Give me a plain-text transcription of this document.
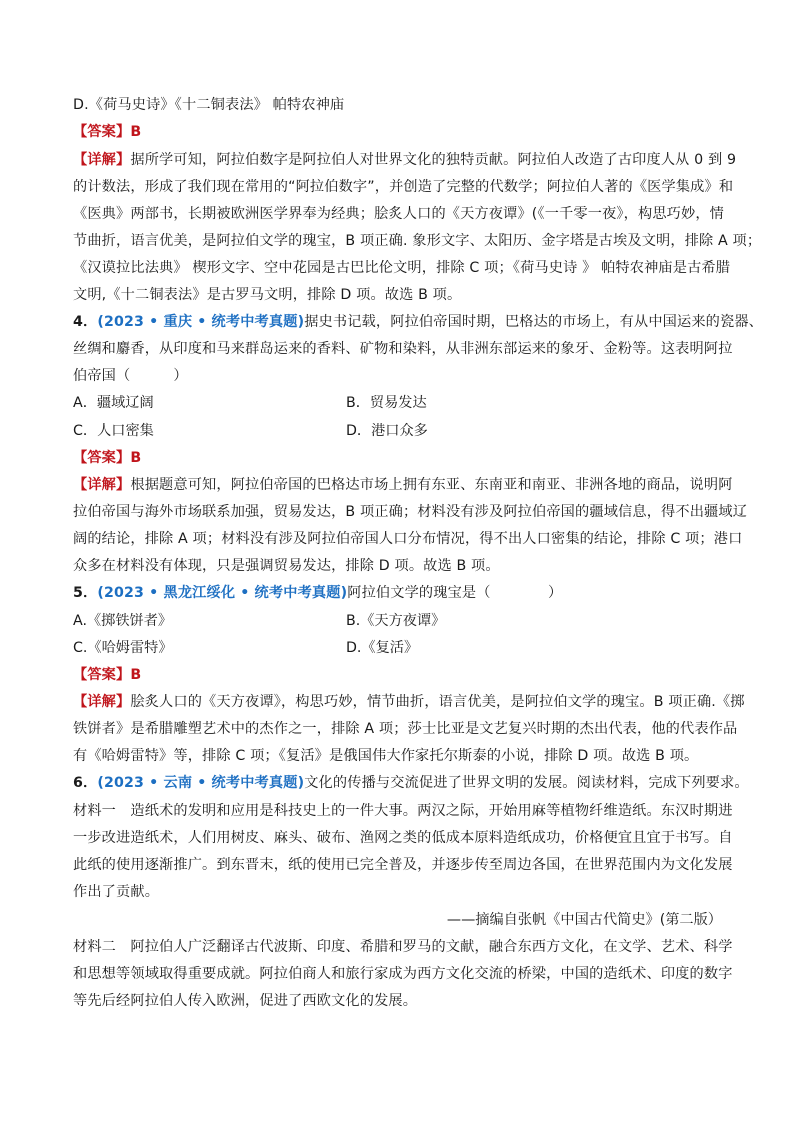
D.《荷马史诗》《十二铜表法》 帕特农神庙
【答案】B
【详解】据所学可知，阿拉伯数字是阿拉伯人对世界文化的独特贡献。阿拉伯人改造了古印度人从 0 到 9
的计数法，形成了我们现在常用的“阿拉伯数字”，并创造了完整的代数学；阿拉伯人著的《医学集成》和
《医典》两部书，长期被欧洲医学界奉为经典；脍炙人口的《天方夜谭》(《一千零一夜》，构思巧妙，情
节曲折，语言优美，是阿拉伯文学的瑰宝，B 项正确. 象形文字、太阳历、金字塔是古埃及文明，排除 A 项；
《汉谟拉比法典》 楔形文字、空中花园是古巴比伦文明，排除 C 项；《荷马史诗 》 帕特农神庙是古希腊
文明,《十二铜表法》是古罗马文明，排除 D 项。故选 B 项。
4．(2023 • 重庆 • 统考中考真题)据史书记载，阿拉伯帝国时期，巴格达的市场上，有从中国运来的瓷器、
丝绸和麝香，从印度和马来群岛运来的香料、矿物和染料，从非洲东部运来的象牙、金粉等。这表明阿拉
伯帝国（　　　）
A．疆域辽阔	B．贸易发达
C．人口密集	D．港口众多
【答案】B
【详解】根据题意可知，阿拉伯帝国的巴格达市场上拥有东亚、东南亚和南亚、非洲各地的商品，说明阿
拉伯帝国与海外市场联系加强，贸易发达，B 项正确；材料没有涉及阿拉伯帝国的疆域信息，得不出疆域辽
阔的结论，排除 A 项；材料没有涉及阿拉伯帝国人口分布情况，得不出人口密集的结论，排除 C 项；港口
众多在材料没有体现，只是强调贸易发达，排除 D 项。故选 B 项。
5．(2023 • 黑龙江绥化 • 统考中考真题)阿拉伯文学的瑰宝是（　　　　）
A.《掷铁饼者》	B.《天方夜谭》
C.《哈姆雷特》	D.《复活》
【答案】B
【详解】脍炙人口的《天方夜谭》，构思巧妙，情节曲折，语言优美，是阿拉伯文学的瑰宝。B 项正确.《掷
铁饼者》是希腊雕塑艺术中的杰作之一，排除 A 项；莎士比亚是文艺复兴时期的杰出代表，他的代表作品
有《哈姆雷特》等，排除 C 项；《复活》是俄国伟大作家托尔斯泰的小说，排除 D 项。故选 B 项。
6．(2023 • 云南 • 统考中考真题)文化的传播与交流促进了世界文明的发展。阅读材料，完成下列要求。
材料一　造纸术的发明和应用是科技史上的一件大事。两汉之际，开始用麻等植物纤维造纸。东汉时期进
一步改进造纸术，人们用树皮、麻头、破布、渔网之类的低成本原料造纸成功，价格便宜且宜于书写。自
此纸的使用逐渐推广。到东晋末，纸的使用已完全普及，并逐步传至周边各国，在世界范围内为文化发展
作出了贡献。
——摘编自张帆《中国古代简史》(第二版）
材料二　阿拉伯人广泛翻译古代波斯、印度、希腊和罗马的文献，融合东西方文化，在文学、艺术、科学
和思想等领域取得重要成就。阿拉伯商人和旅行家成为西方文化交流的桥梁，中国的造纸术、印度的数字
等先后经阿拉伯人传入欧洲，促进了西欧文化的发展。
